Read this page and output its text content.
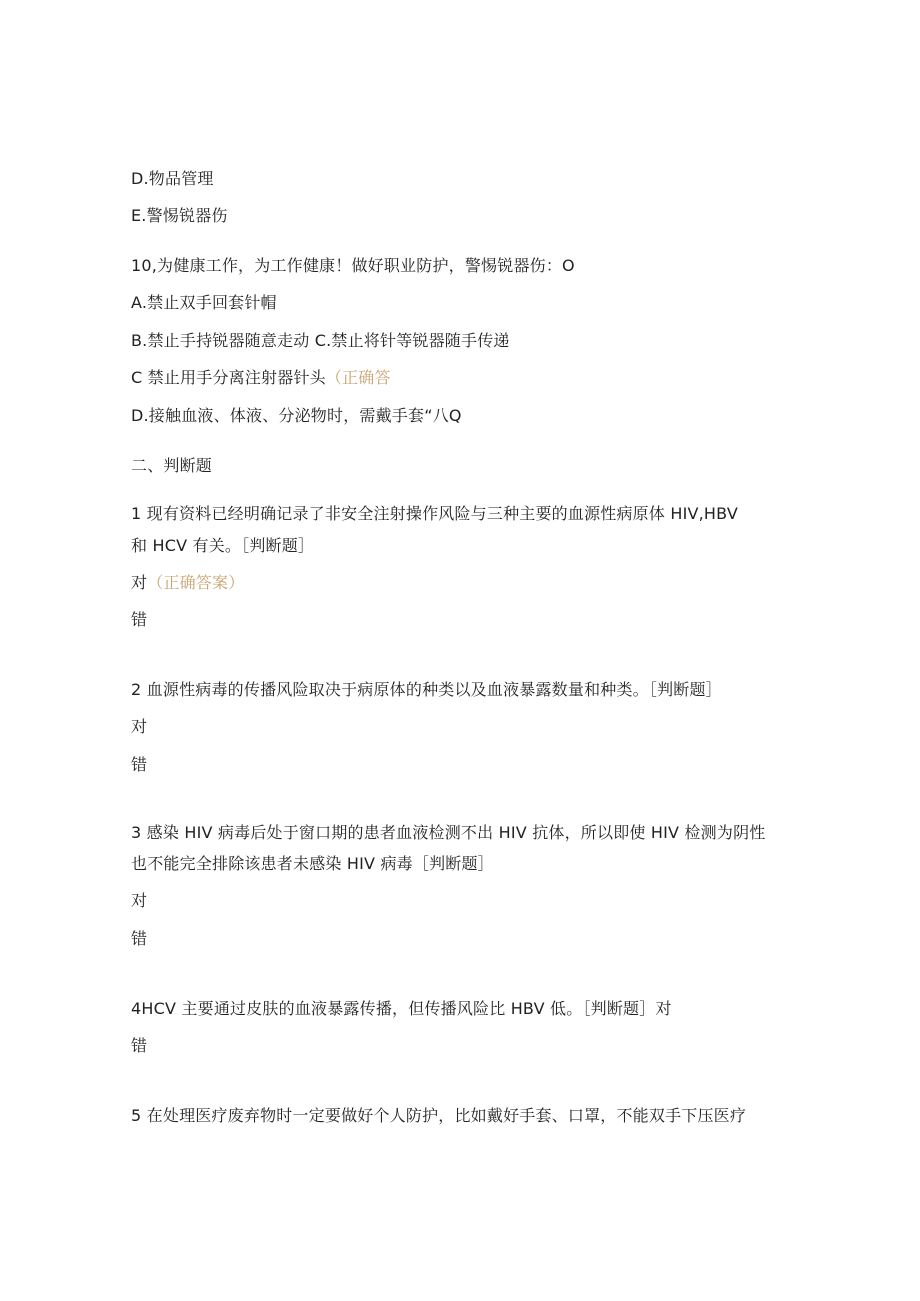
D.物品管理
E.警惕锐器伤
10,为健康工作，为工作健康！做好职业防护，警惕锐器伤：O
A.禁止双手回套针帽
B.禁止手持锐器随意走动 C.禁止将针等锐器随手传递
C 禁止用手分离注射器针头（正确答
D.接触血液、体液、分泌物时，需戴手套“八Q
二、判断题
1 现有资料已经明确记录了非安全注射操作风险与三种主要的血源性病原体 HIV,HBV
和 HCV 有关。［判断题］
对（正确答案）
错
2 血源性病毒的传播风险取决于病原体的种类以及血液暴露数量和种类。［判断题］
对
错
3 感染 HIV 病毒后处于窗口期的患者血液检测不出 HIV 抗体，所以即使 HIV 检测为阴性
也不能完全排除该患者未感染 HIV 病毒［判断题］
对
错
4HCV 主要通过皮肤的血液暴露传播，但传播风险比 HBV 低。［判断题］对
错
5 在处理医疗废弃物时一定要做好个人防护，比如戴好手套、口罩，不能双手下压医疗
